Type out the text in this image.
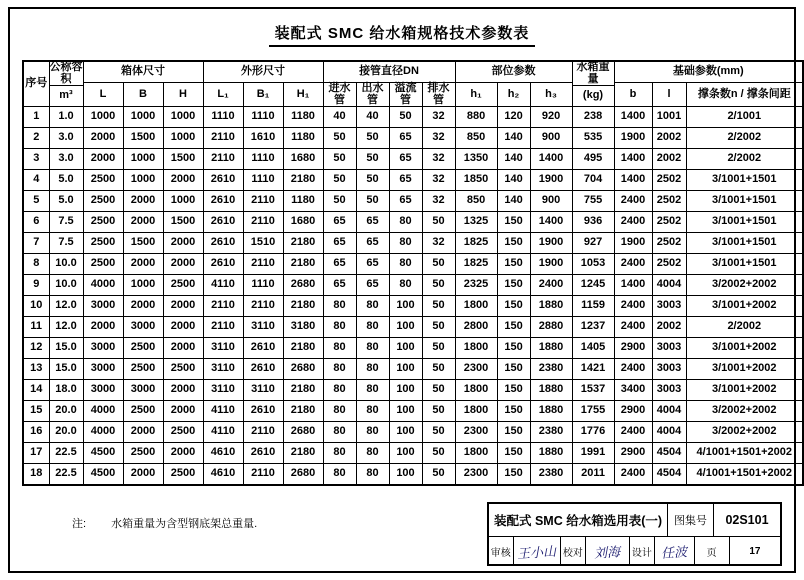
装配式 SMC 给水箱规格技术参数表
序号	公称容积	箱体尺寸			外形尺寸			接管直径DN				部位参数			水箱重量	基础参数(mm)		
		L	B	H	L₁	B₁	H₁	进水管	出水管	溢流管	排水管	h₁	h₂	h₃		b	l	撑条数n / 撑条间距
	m³														(kg)			
1	1.0	1000	1000	1000	1110	1110	1180	40	40	50	32	880	120	920	238	1400	1001	2/1001
2	3.0	2000	1500	1000	2110	1610	1180	50	50	65	32	850	140	900	535	1900	2002	2/2002
3	3.0	2000	1000	1500	2110	1110	1680	50	50	65	32	1350	140	1400	495	1400	2002	2/2002
4	5.0	2500	1000	2000	2610	1110	2180	50	50	65	32	1850	140	1900	704	1400	2502	3/1001+1501
5	5.0	2500	2000	1000	2610	2110	1180	50	50	65	32	850	140	900	755	2400	2502	3/1001+1501
6	7.5	2500	2000	1500	2610	2110	1680	65	65	80	50	1325	150	1400	936	2400	2502	3/1001+1501
7	7.5	2500	1500	2000	2610	1510	2180	65	65	80	32	1825	150	1900	927	1900	2502	3/1001+1501
8	10.0	2500	2000	2000	2610	2110	2180	65	65	80	50	1825	150	1900	1053	2400	2502	3/1001+1501
9	10.0	4000	1000	2500	4110	1110	2680	65	65	80	50	2325	150	2400	1245	1400	4004	3/2002+2002
10	12.0	3000	2000	2000	2110	2110	2180	80	80	100	50	1800	150	1880	1159	2400	3003	3/1001+2002
11	12.0	2000	3000	2000	2110	3110	3180	80	80	100	50	2800	150	2880	1237	2400	2002	2/2002
12	15.0	3000	2500	2000	3110	2610	2180	80	80	100	50	1800	150	1880	1405	2900	3003	3/1001+2002
13	15.0	3000	2500	2500	3110	2610	2680	80	80	100	50	2300	150	2380	1421	2400	3003	3/1001+2002
14	18.0	3000	3000	2000	3110	3110	2180	80	80	100	50	1800	150	1880	1537	3400	3003	3/1001+2002
15	20.0	4000	2500	2000	4110	2610	2180	80	80	100	50	1800	150	1880	1755	2900	4004	3/2002+2002
16	20.0	4000	2000	2500	4110	2110	2680	80	80	100	50	2300	150	2380	1776	2400	4004	3/2002+2002
17	22.5	4500	2500	2000	4610	2610	2180	80	80	100	50	1800	150	1880	1991	2900	4504	4/1001+1501+2002
18	22.5	4500	2000	2500	4610	2110	2680	80	80	100	50	2300	150	2380	2011	2400	4504	4/1001+1501+2002
注: 水箱重量为含型钢底架总重量.	装配式 SMC 给水箱选用表(一)	图集号	02S101
审核 王小山 校对 刘海 设计 任波	页	17
